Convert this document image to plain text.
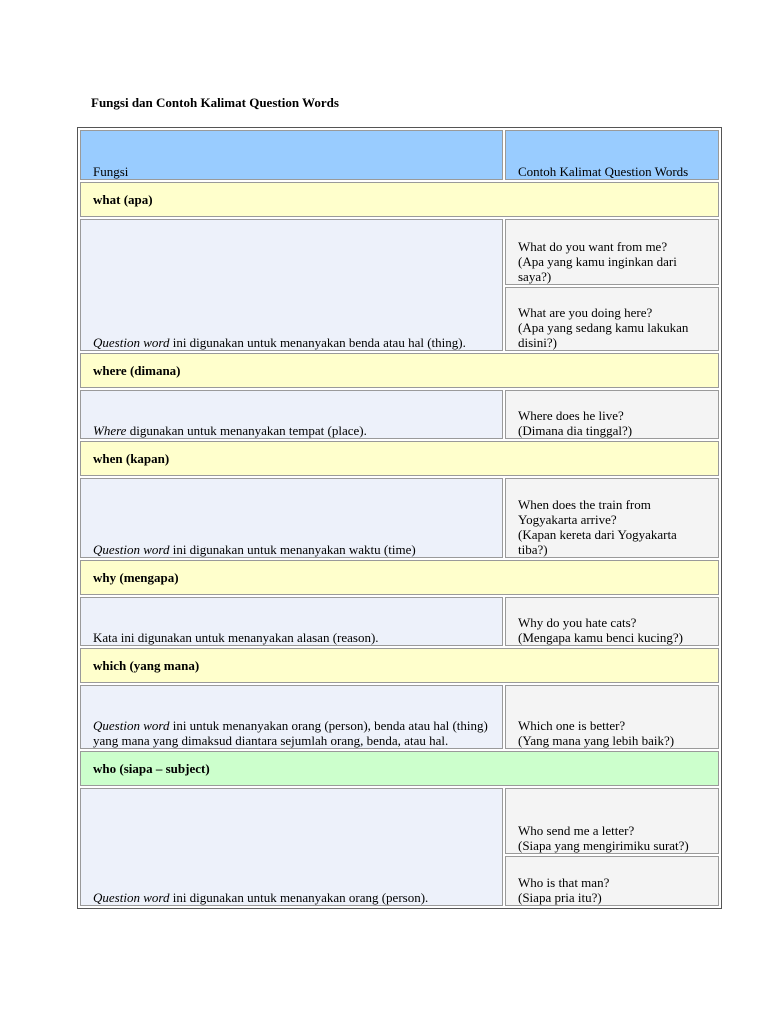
Fungsi dan Contoh Kalimat Question Words
Fungsi	Contoh Kalimat Question Words
what (apa)	
Question word ini digunakan untuk menanyakan benda atau hal (thing).	What do you want from me?
(Apa yang kamu inginkan dari saya?)
	What are you doing here?
(Apa yang sedang kamu lakukan disini?)
where (dimana)	
Where digunakan untuk menanyakan tempat (place).	Where does he live?
(Dimana dia tinggal?)
when (kapan)	
Question word ini digunakan untuk menanyakan waktu (time)	When does the train from Yogyakarta arrive?
(Kapan kereta dari Yogyakarta tiba?)
why (mengapa)	
Kata ini digunakan untuk menanyakan alasan (reason).	Why do you hate cats?
(Mengapa kamu benci kucing?)
which (yang mana)	
Question word ini untuk menanyakan orang (person), benda atau hal (thing) yang mana yang dimaksud diantara sejumlah orang, benda, atau hal.	Which one is better?
(Yang mana yang lebih baik?)
who (siapa – subject)	
Question word ini digunakan untuk menanyakan orang (person).	Who send me a letter?
(Siapa yang mengirimiku surat?)
	Who is that man?
(Siapa pria itu?)
